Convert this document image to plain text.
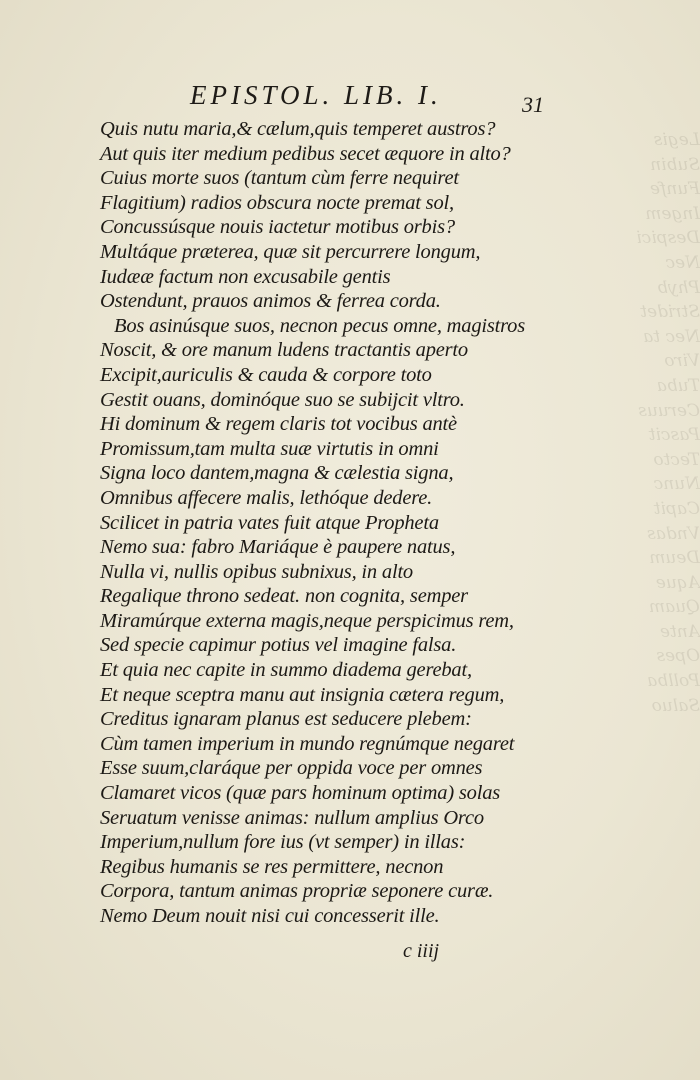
Legis
Subin
Funfe
Ingem
Despici
Nec
Phyb
Stridet
Nec ta
Viro
Tuba
Ceruus
Pascit
Tecto
Nunc
Capit
Vndas
Deum
Aque
Quam
Ante
Opes
Pollba
Saluo
EPISTOL. LIB. I.	31
Quis nutu maria,& cælum,quis temperet austros?
Aut quis iter medium pedibus secet æquore in alto?
Cuius morte suos (tantum cùm ferre nequiret
Flagitium) radios obscura nocte premat sol,
Concussúsque nouis iactetur motibus orbis?
Multáque præterea, quæ sit percurrere longum,
Iudææ factum non excusabile gentis
Ostendunt, prauos animos & ferrea corda.
Bos asinúsque suos, necnon pecus omne, magistros
Noscit, & ore manum ludens tractantis aperto
Excipit,auriculis & cauda & corpore toto
Gestit ouans, dominóque suo se subijcit vltro.
Hi dominum & regem claris tot vocibus antè
Promissum,tam multa suæ virtutis in omni
Signa loco dantem,magna & cælestia signa,
Omnibus affecere malis, lethóque dedere.
Scilicet in patria vates fuit atque Propheta
Nemo sua: fabro Mariáque è paupere natus,
Nulla vi, nullis opibus subnixus, in alto
Regalique throno sedeat. non cognita, semper
Miramúrque externa magis,neque perspicimus rem,
Sed specie capimur potius vel imagine falsa.
Et quia nec capite in summo diadema gerebat,
Et neque sceptra manu aut insignia cætera regum,
Creditus ignaram planus est seducere plebem:
Cùm tamen imperium in mundo regnúmque negaret
Esse suum,claráque per oppida voce per omnes
Clamaret vicos (quæ pars hominum optima) solas
Seruatum venisse animas: nullum amplius Orco
Imperium,nullum fore ius (vt semper) in illas:
Regibus humanis se res permittere, necnon
Corpora, tantum animas propriæ seponere curæ.
Nemo Deum nouit nisi cui concesserit ille.
c iiij
